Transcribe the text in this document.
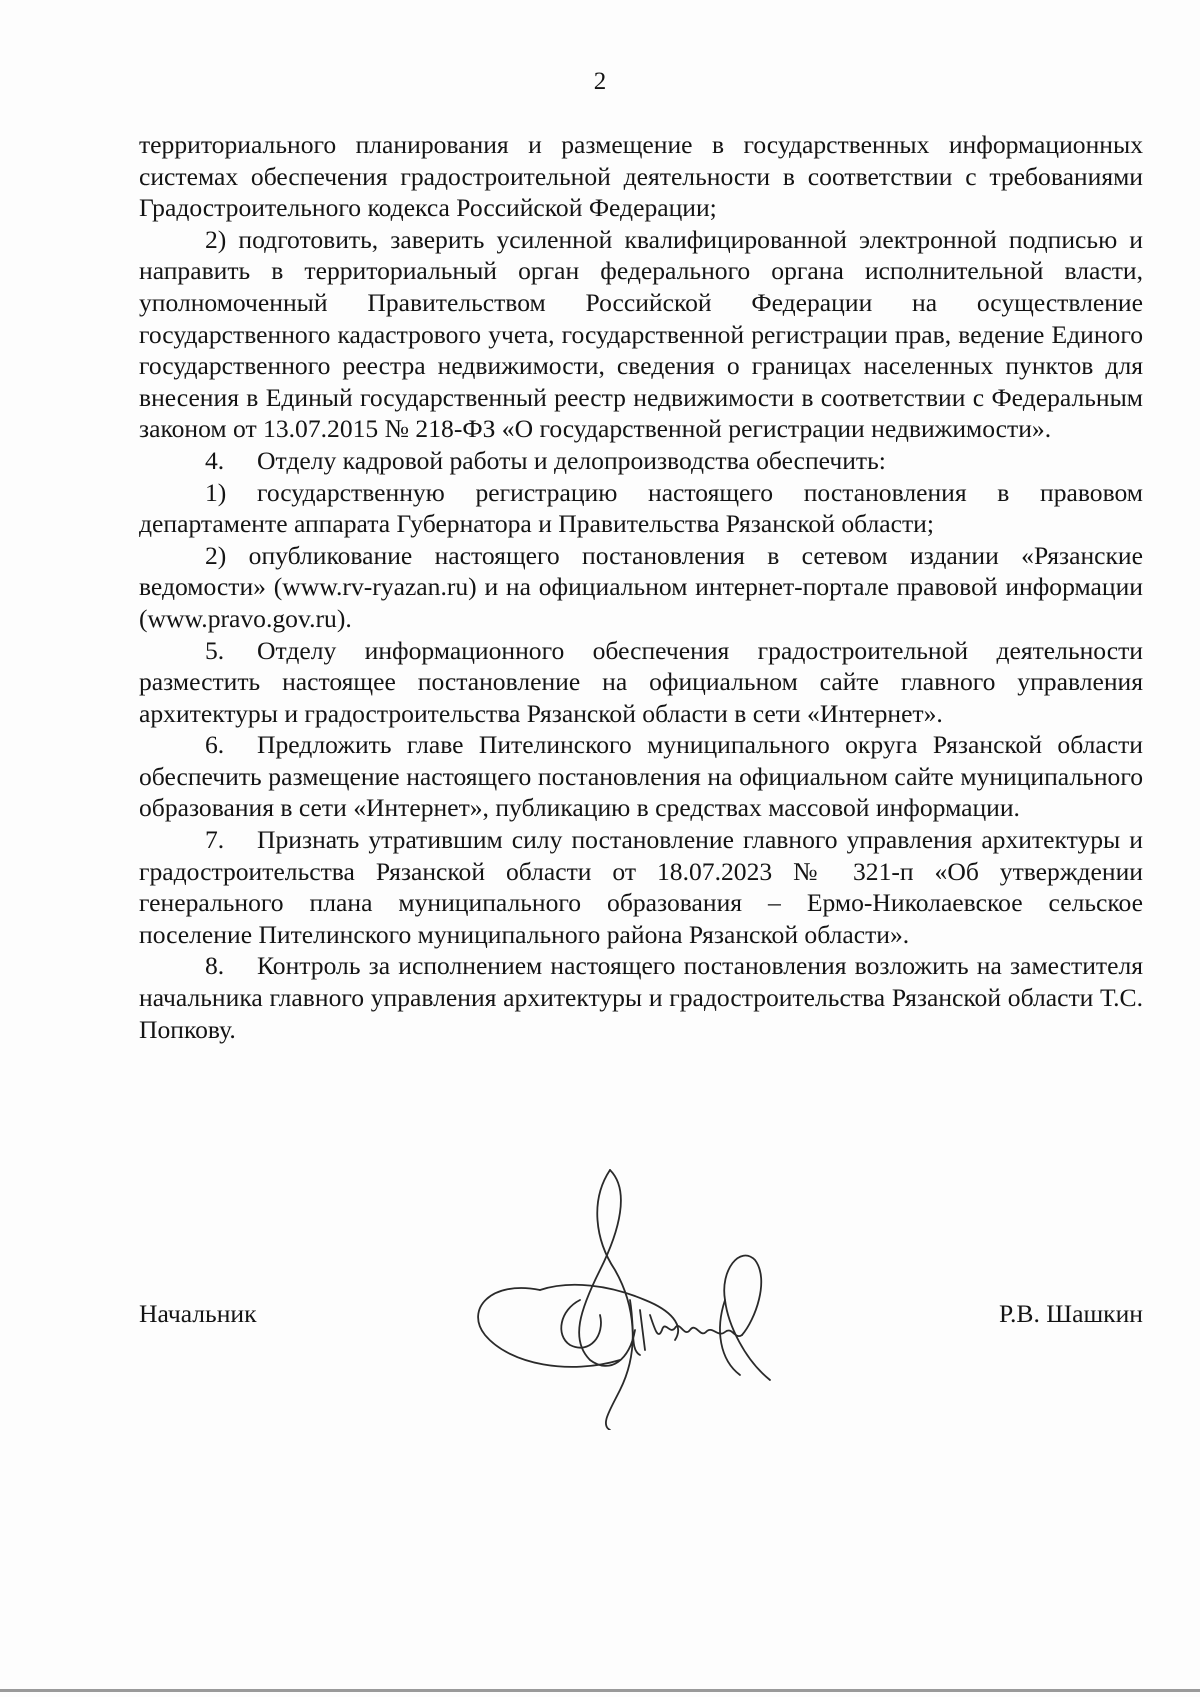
2

территориального планирования и размещение в государственных информационных системах обеспечения градостроительной деятельности в соответствии с требованиями Градостроительного кодекса Российской Федерации;

2) подготовить, заверить усиленной квалифицированной электронной подписью и направить в территориальный орган федерального органа исполнительной власти, уполномоченный Правительством Российской Федерации на осуществление государственного кадастрового учета, государственной регистрации прав, ведение Единого государственного реестра недвижимости, сведения о границах населенных пунктов для внесения в Единый государственный реестр недвижимости в соответствии с Федеральным законом от 13.07.2015 № 218-ФЗ «О государственной регистрации недвижимости».

4. Отделу кадровой работы и делопроизводства обеспечить:

1) государственную регистрацию настоящего постановления в правовом департаменте аппарата Губернатора и Правительства Рязанской области;

2) опубликование настоящего постановления в сетевом издании «Рязанские ведомости» (www.rv-ryazan.ru) и на официальном интернет-портале правовой информации (www.pravo.gov.ru).

5. Отделу информационного обеспечения градостроительной деятельности разместить настоящее постановление на официальном сайте главного управления архитектуры и градостроительства Рязанской области в сети «Интернет».

6. Предложить главе Пителинского муниципального округа Рязанской области обеспечить размещение настоящего постановления на официальном сайте муниципального образования в сети «Интернет», публикацию в средствах массовой информации.

7. Признать утратившим силу постановление главного управления архитектуры и градостроительства Рязанской области от 18.07.2023 № 321-п «Об утверждении генерального плана муниципального образования – Ермо-Николаевское сельское поселение Пителинского муниципального района Рязанской области».

8. Контроль за исполнением настоящего постановления возложить на заместителя начальника главного управления архитектуры и градостроительства Рязанской области Т.С. Попкову.

Начальник	Р.В. Шашкин
